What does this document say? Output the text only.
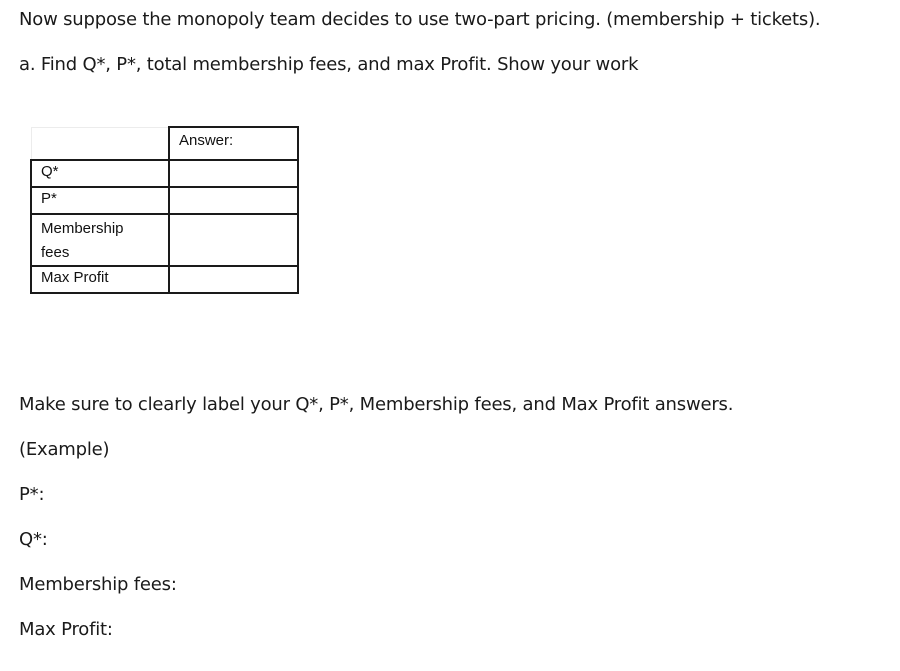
Now suppose the monopoly team decides to use two-part pricing. (membership + tickets).
a. Find Q*, P*, total membership fees, and max Profit. Show your work
	Answer:
Q*	
P*	
Membership fees	
Max Profit	
Make sure to clearly label your Q*, P*, Membership fees, and Max Profit answers.
(Example)
P*:
Q*:
Membership fees:
Max Profit:
